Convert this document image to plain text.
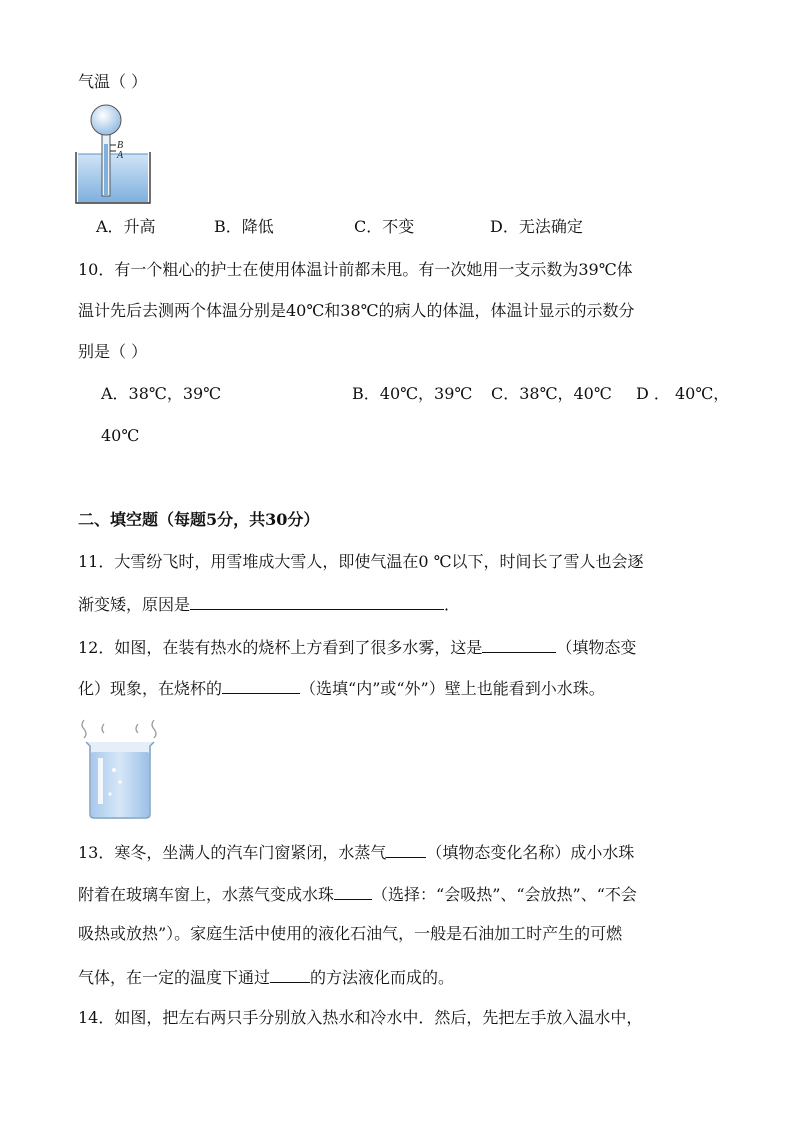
气温（ ）
B
A
A．升高	B．降低	C．不变	D．无法确定
10．有一个粗心的护士在使用体温计前都未甩。有一次她用一支示数为39℃体
温计先后去测两个体温分别是40℃和38℃的病人的体温，体温计显示的示数分
别是（ ）
A．38℃，39℃	B．40℃，39℃ C．38℃，40℃ D ． 40℃，
40℃
二、填空题（每题5分，共30分）
11．大雪纷飞时，用雪堆成大雪人，即使气温在0 ℃以下，时间长了雪人也会逐
渐变矮，原因是	．
12．如图，在装有热水的烧杯上方看到了很多水雾，这是	（填物态变
化）现象，在烧杯的	（选填“内”或“外”）壁上也能看到小水珠。
13．寒冬，坐满人的汽车门窗紧闭，水蒸气	（填物态变化名称）成小水珠
附着在玻璃车窗上，水蒸气变成水珠 （选择：“会吸热”、“会放热”、“不会
吸热或放热”）。家庭生活中使用的液化石油气，一般是石油加工时产生的可燃
气体，在一定的温度下通过	的方法液化而成的。
14．如图，把左右两只手分别放入热水和冷水中．然后，先把左手放入温水中，
